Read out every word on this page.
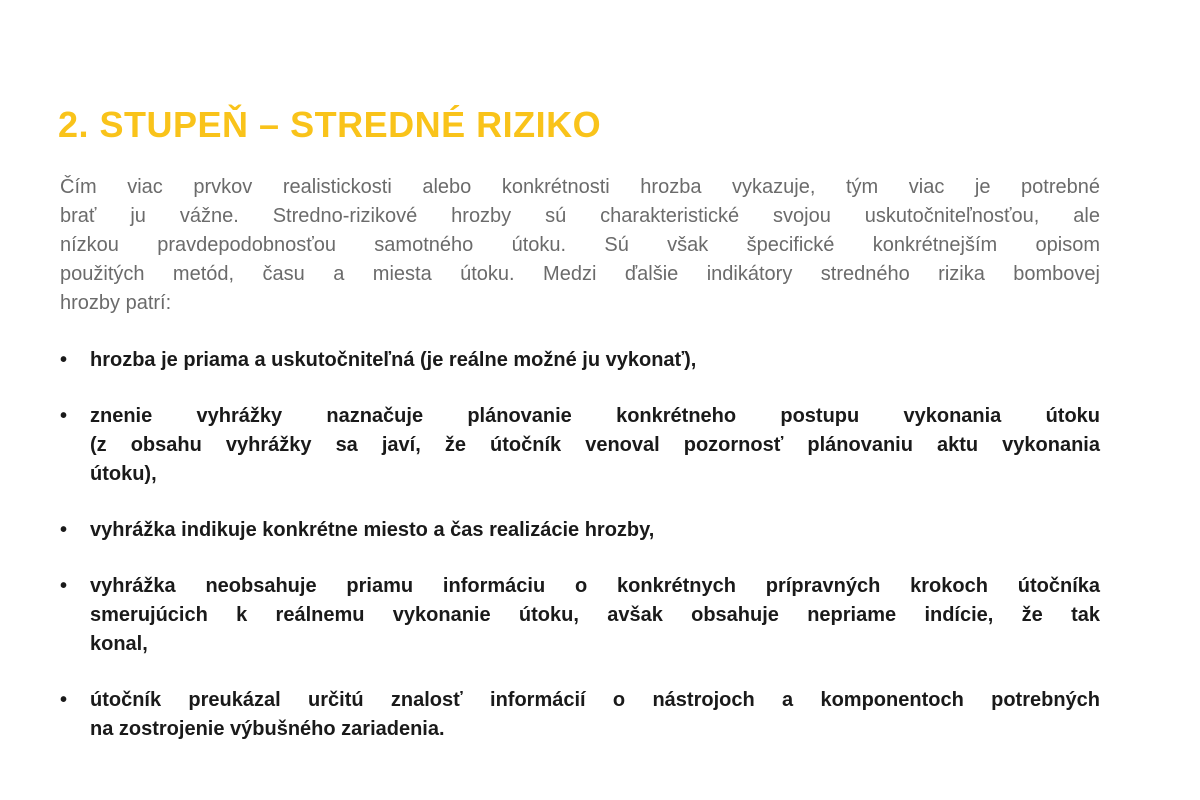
2. STUPEŇ – STREDNÉ RIZIKO
Čím viac prvkov realistickosti alebo konkrétnosti hrozba vykazuje, tým viac je potrebné
brať ju vážne. Stredno-rizikové hrozby sú charakteristické svojou uskutočniteľnosťou, ale
nízkou pravdepodobnosťou samotného útoku. Sú však špecifické konkrétnejším opisom
použitých metód, času a miesta útoku. Medzi ďalšie indikátory stredného rizika bombovej
hrozby patrí:
• hrozba je priama a uskutočniteľná (je reálne možné ju vykonať),
• znenie vyhrážky naznačuje plánovanie konkrétneho postupu vykonania útoku
(z obsahu vyhrážky sa javí, že útočník venoval pozornosť plánovaniu aktu vykonania
útoku),
• vyhrážka indikuje konkrétne miesto a čas realizácie hrozby,
• vyhrážka neobsahuje priamu informáciu o konkrétnych prípravných krokoch útočníka
smerujúcich k reálnemu vykonanie útoku, avšak obsahuje nepriame indície, že tak
konal,
• útočník preukázal určitú znalosť informácií o nástrojoch a komponentoch potrebných
na zostrojenie výbušného zariadenia.
